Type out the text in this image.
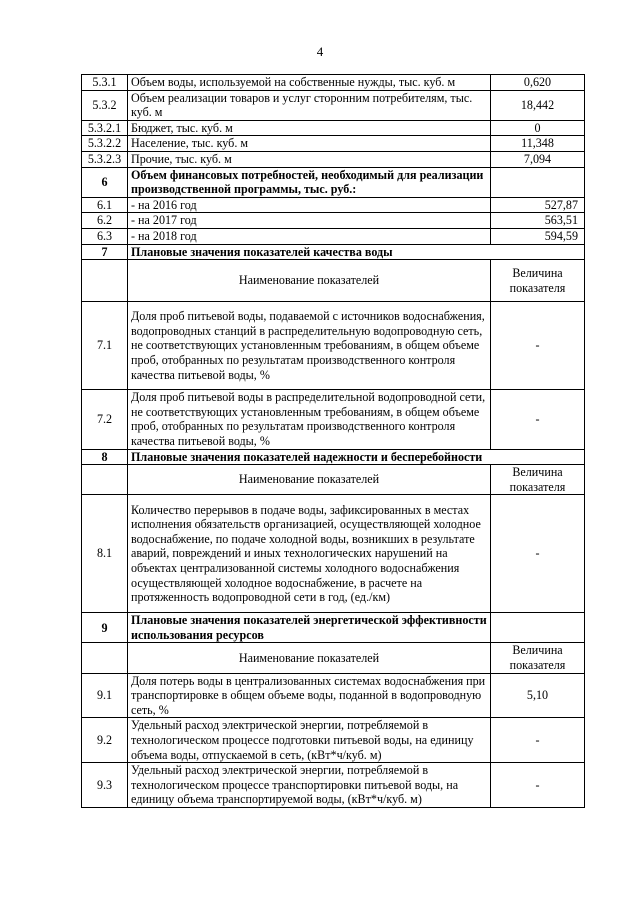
4
5.3.1	Объем воды, используемой на собственные нужды, тыс. куб. м	0,620
5.3.2	Объем реализации товаров и услуг сторонним потребителям, тыс. куб. м	18,442
5.3.2.1	Бюджет, тыс. куб. м	0
5.3.2.2	Население, тыс. куб. м	11,348
5.3.2.3	Прочие, тыс. куб. м	7,094
6	Объем финансовых потребностей, необходимый для реализации производственной программы, тыс. руб.:	
6.1	- на 2016 год	527,87
6.2	- на 2017 год	563,51
6.3	- на 2018 год	594,59
7	Плановые значения показателей качества воды	
	Наименование показателей	Величина показателя
7.1	Доля проб питьевой воды, подаваемой с источников водоснабжения, водопроводных станций в распределительную водопроводную сеть, не соответствующих установленным требованиям, в общем объеме проб, отобранных по результатам производственного контроля качества питьевой воды, %	-
7.2	Доля проб питьевой воды в распределительной водопроводной сети, не соответствующих установленным требованиям, в общем объеме проб, отобранных по результатам производственного контроля качества питьевой воды, %	-
8	Плановые значения показателей надежности и бесперебойности	
	Наименование показателей	Величина показателя
8.1	Количество перерывов в подаче воды, зафиксированных в местах исполнения обязательств организацией, осуществляющей холодное водоснабжение, по подаче холодной воды, возникших в результате аварий, повреждений и иных технологических нарушений на объектах централизованной системы холодного водоснабжения осуществляющей холодное водоснабжение, в расчете на протяженность водопроводной сети в год, (ед./км)	-
9	Плановые значения показателей энергетической эффективности использования ресурсов	
	Наименование показателей	Величина показателя
9.1	Доля потерь воды в централизованных системах водоснабжения при транспортировке в общем объеме воды, поданной в водопроводную сеть, %	5,10
9.2	Удельный расход электрической энергии, потребляемой в технологическом процессе подготовки питьевой воды, на единицу объема воды, отпускаемой в сеть, (кВт*ч/куб. м)	-
9.3	Удельный расход электрической энергии, потребляемой в технологическом процессе транспортировки питьевой воды, на единицу объема транспортируемой воды, (кВт*ч/куб. м)	-
